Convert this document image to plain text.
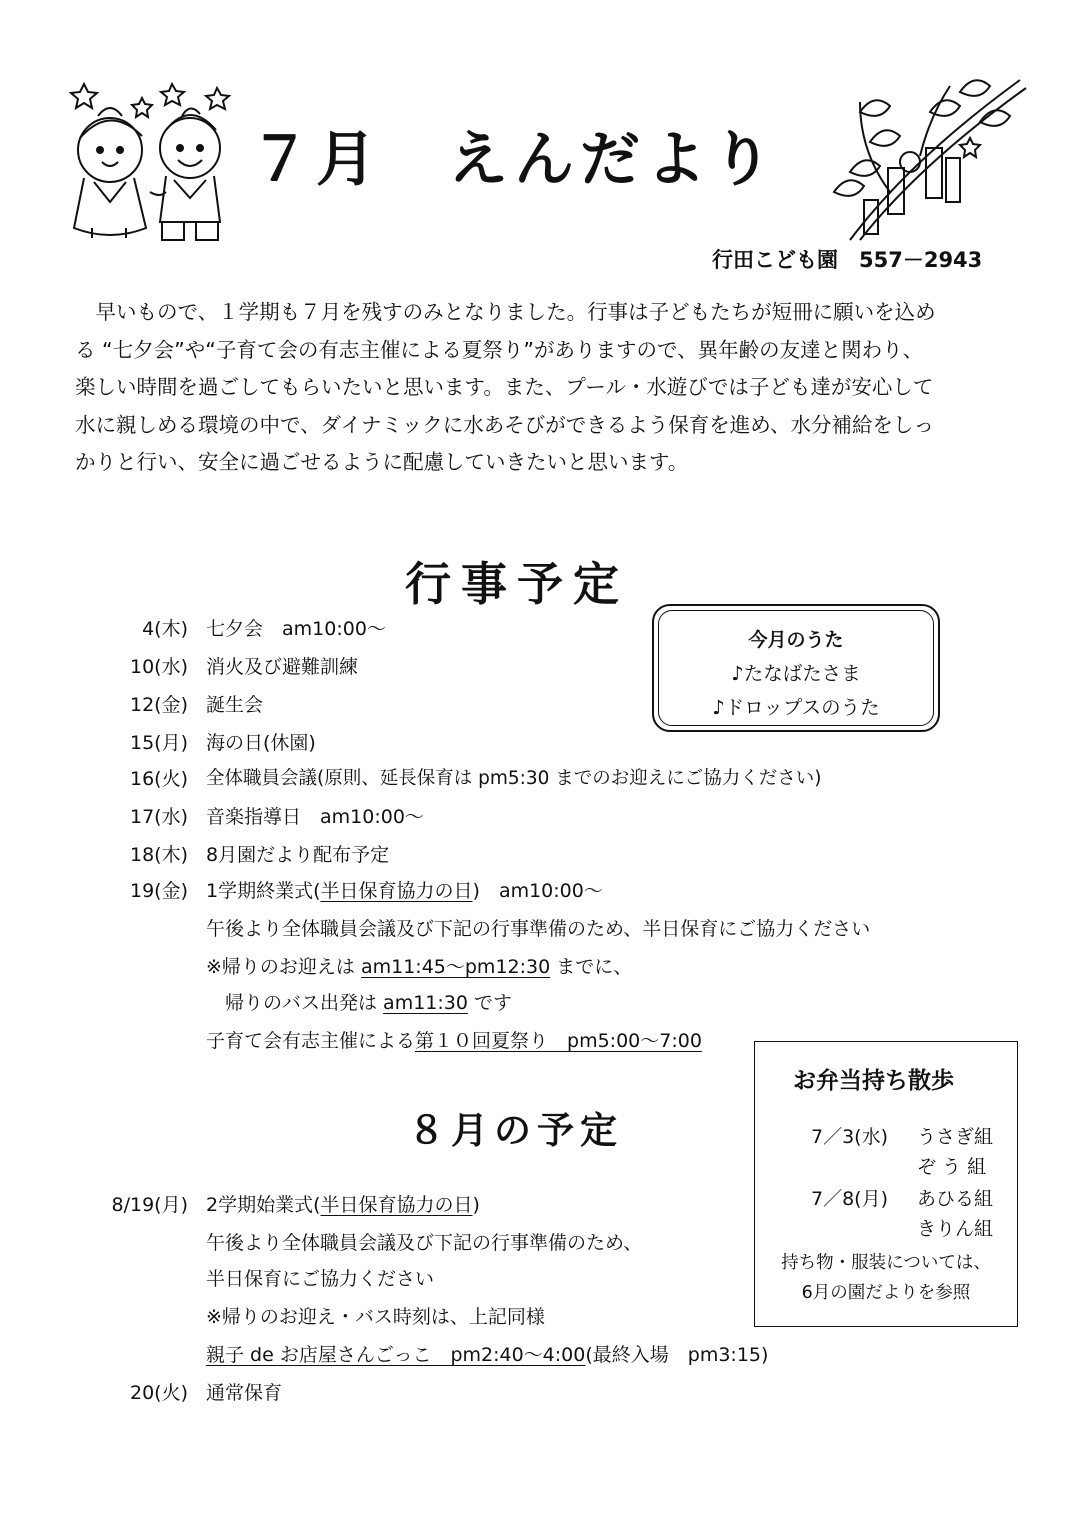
７月　えんだより
行田こども園　557－2943
　早いもので、１学期も７月を残すのみとなりました。行事は子どもたちが短冊に願いを込め
る “七夕会”や“子育て会の有志主催による夏祭り”がありますので、異年齢の友達と関わり、
楽しい時間を過ごしてもらいたいと思います。また、プール・水遊びでは子ども達が安心して
水に親しめる環境の中で、ダイナミックに水あそびができるよう保育を進め、水分補給をしっ
かりと行い、安全に過ごせるように配慮していきたいと思います。
行事予定
4(木) 七夕会　am10:00～
10(水) 消火及び避難訓練
12(金) 誕生会
15(月) 海の日(休園)
16(火) 全体職員会議(原則、延長保育は pm5:30 までのお迎えにご協力ください)
17(水) 音楽指導日　am10:00～
18(木) 8月園だより配布予定
19(金) 1学期終業式(半日保育協力の日)　am10:00～
午後より全体職員会議及び下記の行事準備のため、半日保育にご協力ください
※帰りのお迎えは am11:45～pm12:30 までに、
　帰りのバス出発は am11:30 です
子育て会有志主催による第１０回夏祭り　pm5:00～7:00
今月のうた
♪たなばたさま
♪ドロップスのうた
お弁当持ち散歩
7／3(水) うさぎ組
ぞ う 組
7／8(月) あひる組
きりん組
持ち物・服装については、
6月の園だよりを参照
８月の予定
8/19(月) 2学期始業式(半日保育協力の日)
午後より全体職員会議及び下記の行事準備のため、
半日保育にご協力ください
※帰りのお迎え・バス時刻は、上記同様
親子 de お店屋さんごっこ　pm2:40～4:00(最終入場　pm3:15)
20(火) 通常保育
